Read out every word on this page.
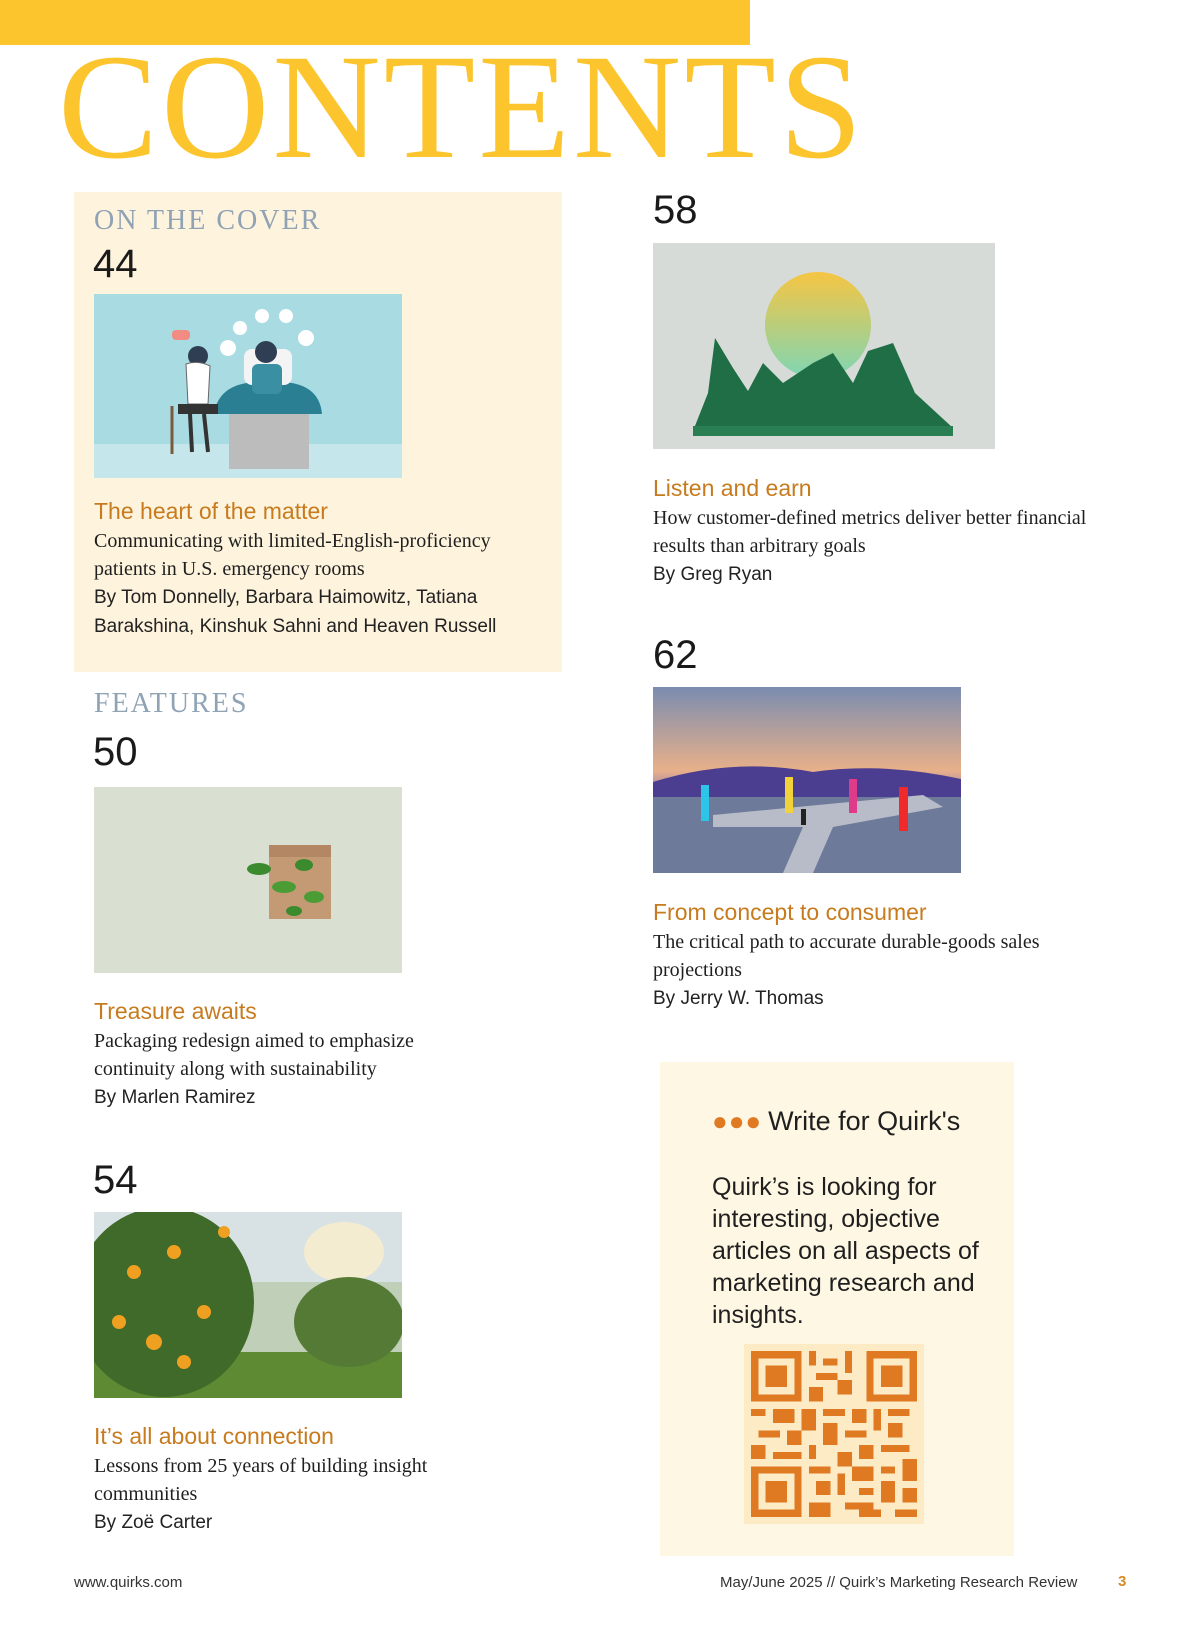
CONTENTS
ON THE COVER
44
The heart of the matter
Communicating with limited-English-proficiency patients in U.S. emergency rooms
By Tom Donnelly, Barbara Haimowitz, Tatiana Barakshina, Kinshuk Sahni and Heaven Russell
FEATURES
50
Treasure awaits
Packaging redesign aimed to emphasize continuity along with sustainability
By Marlen Ramirez
54
It’s all about connection
Lessons from 25 years of building insight communities
By Zoë Carter
58
Listen and earn
How customer-defined metrics deliver better financial results than arbitrary goals
By Greg Ryan
62
From concept to consumer
The critical path to accurate durable-goods sales projections
By Jerry W. Thomas
●●● Write for Quirk's
Quirk’s is looking for interesting, objective articles on all aspects of marketing research and insights.
www.quirks.com	May/June 2025 // Quirk’s Marketing Research Review	3
